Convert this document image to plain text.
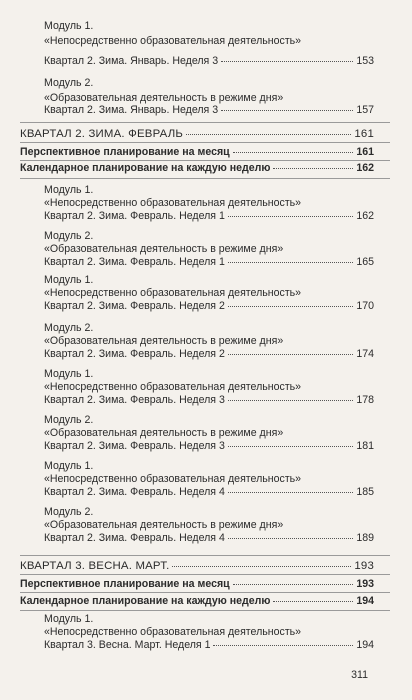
Модуль 1.
«Непосредственно образовательная деятельность»
Квартал 2. Зима. Январь. Неделя 3	153
Модуль 2.
«Образовательная деятельность в режиме дня»
Квартал 2. Зима. Январь. Неделя 3	157
КВАРТАЛ 2. ЗИМА. ФЕВРАЛЬ	161
Перспективное планирование на месяц	161
Календарное планирование на каждую неделю	162
Модуль 1.
«Непосредственно образовательная деятельность»
Квартал 2. Зима. Февраль. Неделя 1	162
Модуль 2.
«Образовательная деятельность в режиме дня»
Квартал 2. Зима. Февраль. Неделя 1	165
Модуль 1.
«Непосредственно образовательная деятельность»
Квартал 2. Зима. Февраль. Неделя 2	170
Модуль 2.
«Образовательная деятельность в режиме дня»
Квартал 2. Зима. Февраль. Неделя 2	174
Модуль 1.
«Непосредственно образовательная деятельность»
Квартал 2. Зима. Февраль. Неделя 3	178
Модуль 2.
«Образовательная деятельность в режиме дня»
Квартал 2. Зима. Февраль. Неделя 3	181
Модуль 1.
«Непосредственно образовательная деятельность»
Квартал 2. Зима. Февраль. Неделя 4	185
Модуль 2.
«Образовательная деятельность в режиме дня»
Квартал 2. Зима. Февраль. Неделя 4	189
КВАРТАЛ 3. ВЕСНА. МАРТ.	193
Перспективное планирование на месяц	193
Календарное планирование на каждую неделю	194
Модуль 1.
«Непосредственно образовательная деятельность»
Квартал 3. Весна. Март. Неделя 1	194
311
